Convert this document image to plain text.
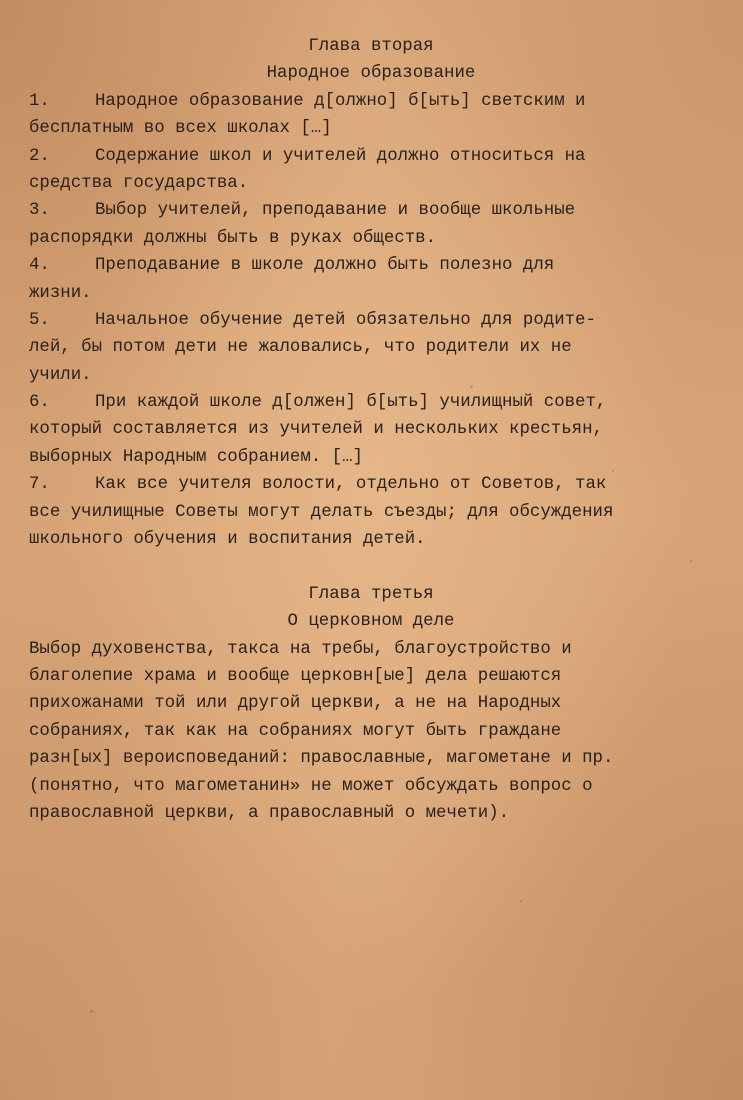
Глава вторая
Народное образование
1.	Народное образование д[олжно] б[ыть] светским и
бесплатным во всех школах […]
2.	Содержание школ и учителей должно относиться на
средства государства.
3.	Выбор учителей, преподавание и вообще школьные
распорядки должны быть в руках обществ.
4.	Преподавание в школе должно быть полезно для
жизни.
5.	Начальное обучение детей обязательно для родите-
лей, бы потом дети не жаловались, что родители их не
учили.
6.	При каждой школе д[олжен] б[ыть] училищный совет,
который составляется из учителей и нескольких крестьян,
выборных Народным собранием. […]
7.	Как все учителя волости, отдельно от Советов, так
все училищные Советы могут делать съезды; для обсуждения
школьного обучения и воспитания детей.
Глава третья
О церковном деле
Выбор духовенства, такса на требы, благоустройство и
благолепие храма и вообще церковн[ые] дела решаются
прихожанами той или другой церкви, а не на Народных
собраниях, так как на собраниях могут быть граждане
разн[ых] вероисповеданий: православные, магометане и пр.
(понятно, что магометанин» не может обсуждать вопрос о
православной церкви, а православный о мечети).
